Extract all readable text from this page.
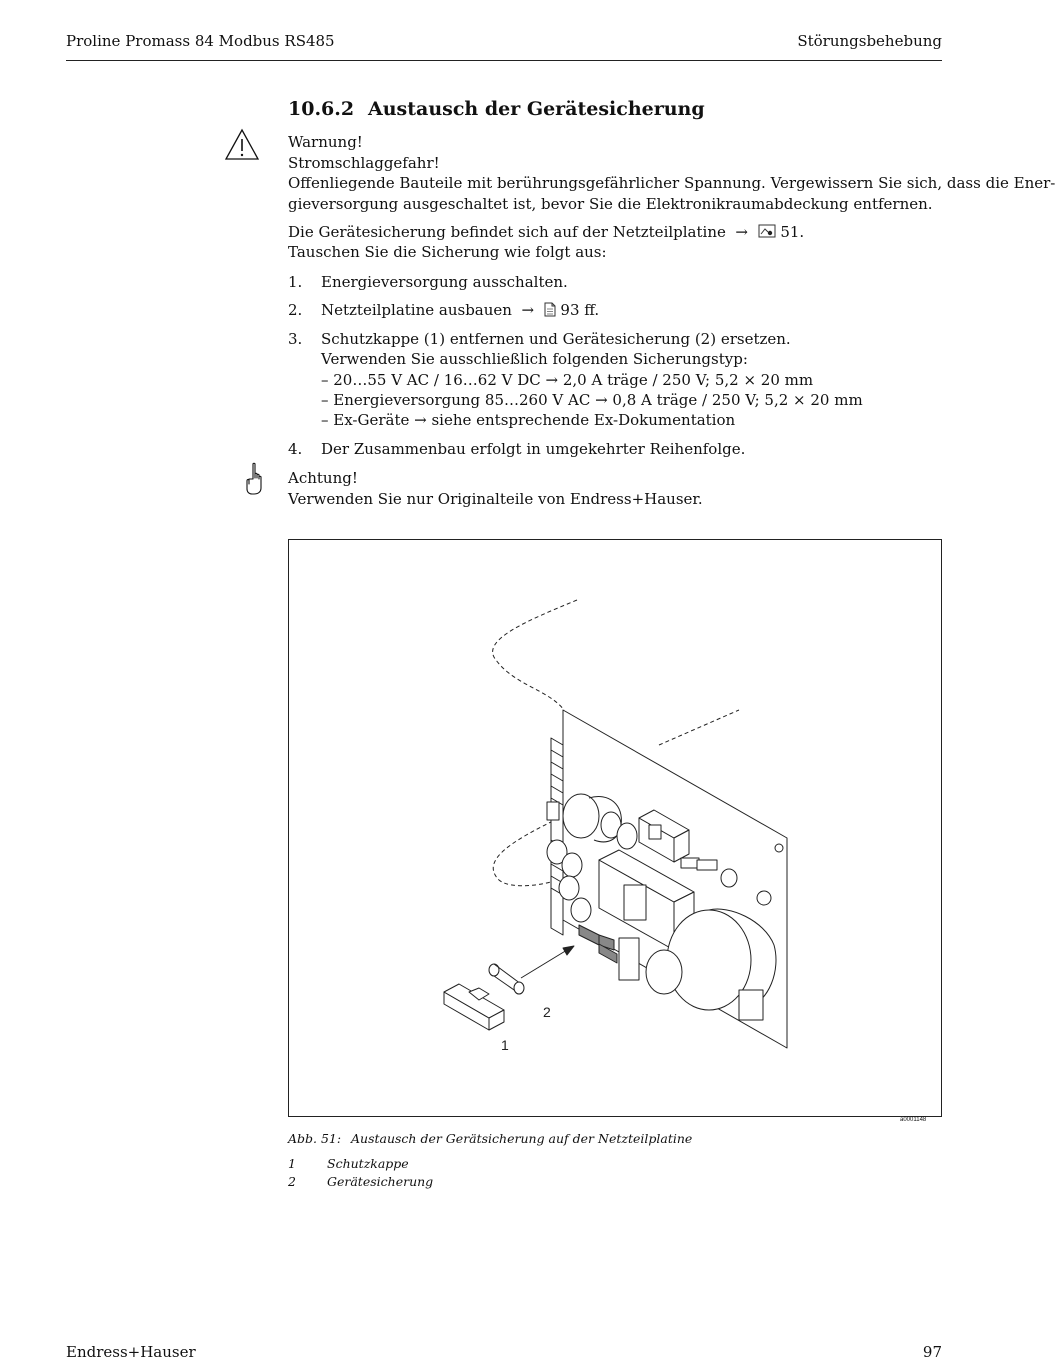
Proline Promass 84 Modbus RS485	Störungsbehebung
10.6.2 Austausch der Gerätesicherung
Warnung!
Stromschlaggefahr!
Offenliegende Bauteile mit berührungsgefährlicher Spannung. Vergewissern Sie sich, dass die Ener-
gieversorgung ausgeschaltet ist, bevor Sie die Elektronikraumabdeckung entfernen.
Die Gerätesicherung befindet sich auf der Netzteilplatine  →   51.
Tauschen Sie die Sicherung wie folgt aus:
1. Energieversorgung ausschalten.
2. Netzteilplatine ausbauen  →   93 ff.
3. Schutzkappe (1) entfernen und Gerätesicherung (2) ersetzen.
Verwenden Sie ausschließlich folgenden Sicherungstyp:
– 20…55 V AC / 16…62 V DC → 2,0 A träge / 250 V; 5,2 × 20 mm
– Energieversorgung 85…260 V AC → 0,8 A träge / 250 V; 5,2 × 20 mm
– Ex-Geräte → siehe entsprechende Ex-Dokumentation
4. Der Zusammenbau erfolgt in umgekehrter Reihenfolge.
Achtung!
Verwenden Sie nur Originalteile von Endress+Hauser.
2
1
a0001148
Abb. 51: Austausch der Gerätsicherung auf der Netzteilplatine
1 Schutzkappe
2 Gerätesicherung
Endress+Hauser	97
